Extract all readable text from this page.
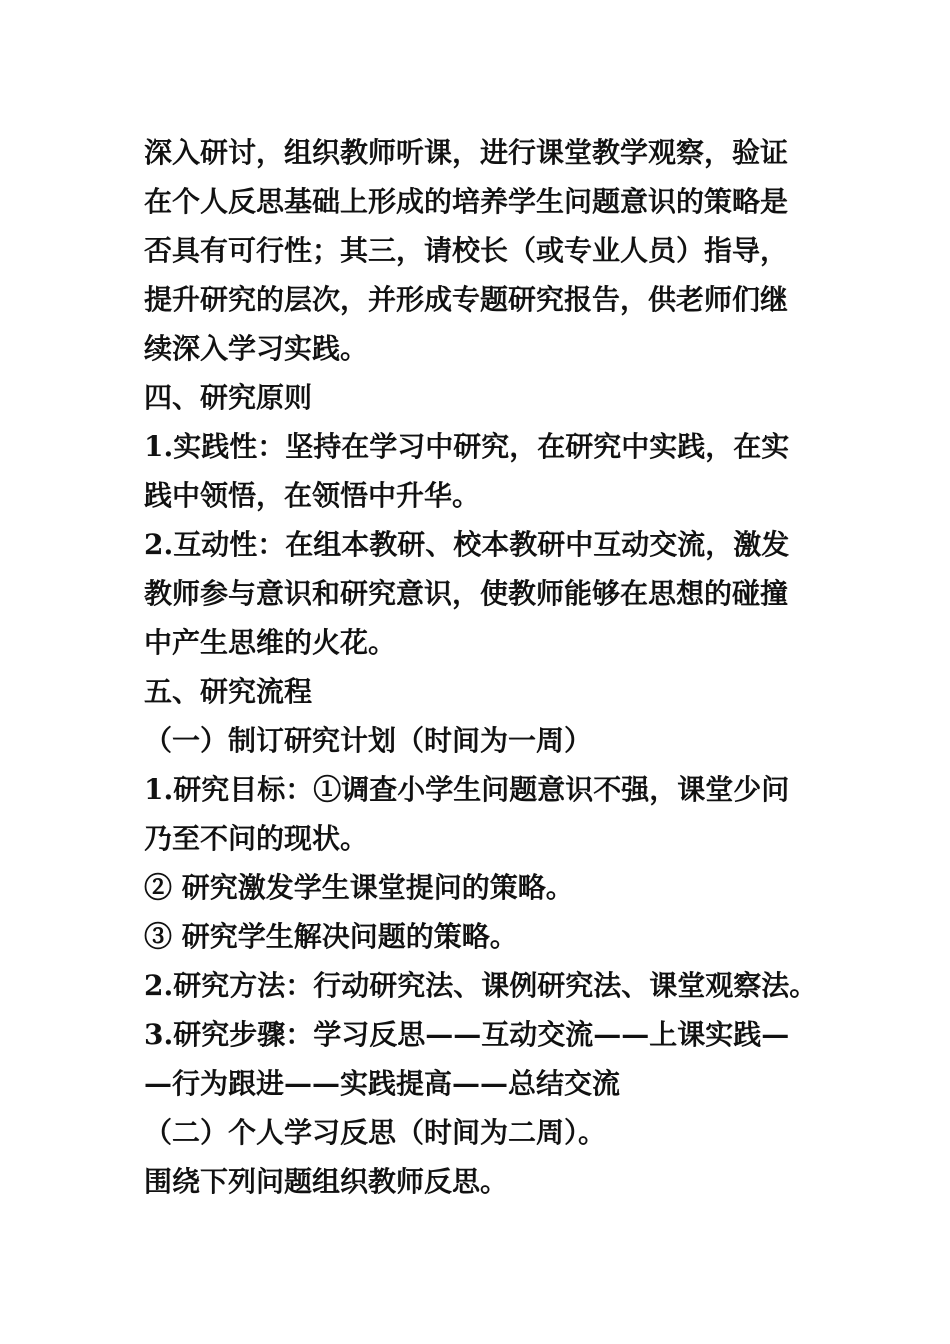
深入研讨，组织教师听课，进行课堂教学观察，验证
在个人反思基础上形成的培养学生问题意识的策略是
否具有可行性；其三，请校长（或专业人员）指导，
提升研究的层次，并形成专题研究报告，供老师们继
续深入学习实践。
四、研究原则
1.实践性：坚持在学习中研究，在研究中实践，在实
践中领悟，在领悟中升华。
2.互动性：在组本教研、校本教研中互动交流，激发
教师参与意识和研究意识，使教师能够在思想的碰撞
中产生思维的火花。
五、研究流程
（一）制订研究计划（时间为一周）
1.研究目标：①调查小学生问题意识不强，课堂少问
乃至不问的现状。
② 研究激发学生课堂提问的策略。
③ 研究学生解决问题的策略。
2.研究方法：行动研究法、课例研究法、课堂观察法。
3.研究步骤：学习反思——互动交流——上课实践—
—行为跟进——实践提高——总结交流
（二）个人学习反思（时间为二周）。
围绕下列问题组织教师反思。
